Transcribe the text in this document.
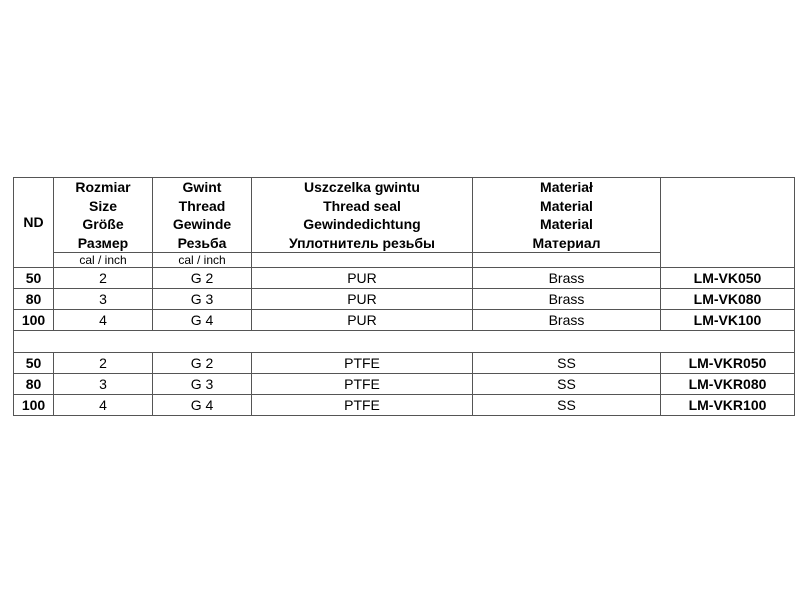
ND	Rozmiar
Size
Größe
Размер	Gwint
Thread
Gewinde
Резьба	Uszczelka gwintu
Thread seal
Gewindedichtung
Уплотнитель резьбы	Materiał
Material
Material
Материал	

	cal / inch	cal / inch			
50	2	G 2	PUR	Brass	LM-VK050
80	3	G 3	PUR	Brass	LM-VK080
100	4	G 4	PUR	Brass	LM-VK100

50	2	G 2	PTFE	SS	LM-VKR050
80	3	G 3	PTFE	SS	LM-VKR080
100	4	G 4	PTFE	SS	LM-VKR100
